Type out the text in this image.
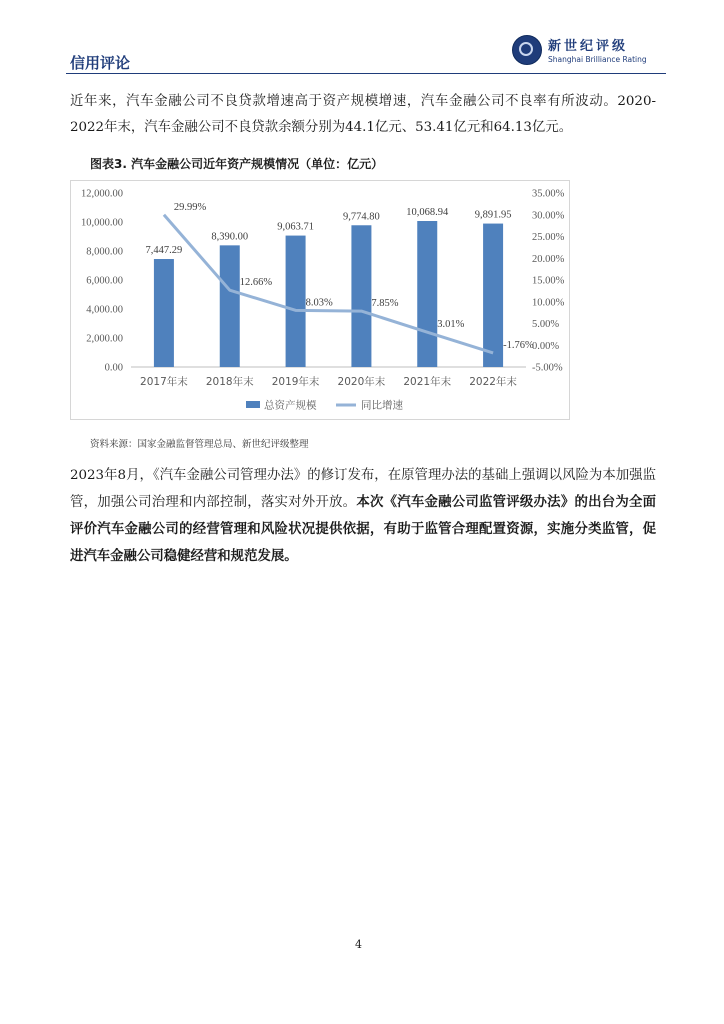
信用评论
新世纪评级
Shanghai Brilliance Rating
近年来，汽车金融公司不良贷款增速高于资产规模增速，汽车金融公司不良率有所波动。2020-2022年末，汽车金融公司不良贷款余额分别为44.1亿元、53.41亿元和64.13亿元。
图表3. 汽车金融公司近年资产规模情况（单位：亿元）
0.00
2,000.00
4,000.00
6,000.00
8,000.00
10,000.00
12,000.00
-5.00%
0.00%
5.00%
10.00%
15.00%
20.00%
25.00%
30.00%
35.00%
7,447.29
8,390.00
9,063.71
9,774.80	10,068.94	9,891.95
29.99%
12.66%
8.03%	7.85%
3.01%
-1.76%
2017年末 2018年末 2019年末 2020年末 2021年末 2022年末
总资产规模	同比增速
资料来源：国家金融监督管理总局、新世纪评级整理
2023年8月，《汽车金融公司管理办法》的修订发布，在原管理办法的基础上强调以风险为本加强监管，加强公司治理和内部控制，落实对外开放。本次《汽车金融公司监管评级办法》的出台为全面评价汽车金融公司的经营管理和风险状况提供依据，有助于监管合理配置资源，实施分类监管，促进汽车金融公司稳健经营和规范发展。
4
